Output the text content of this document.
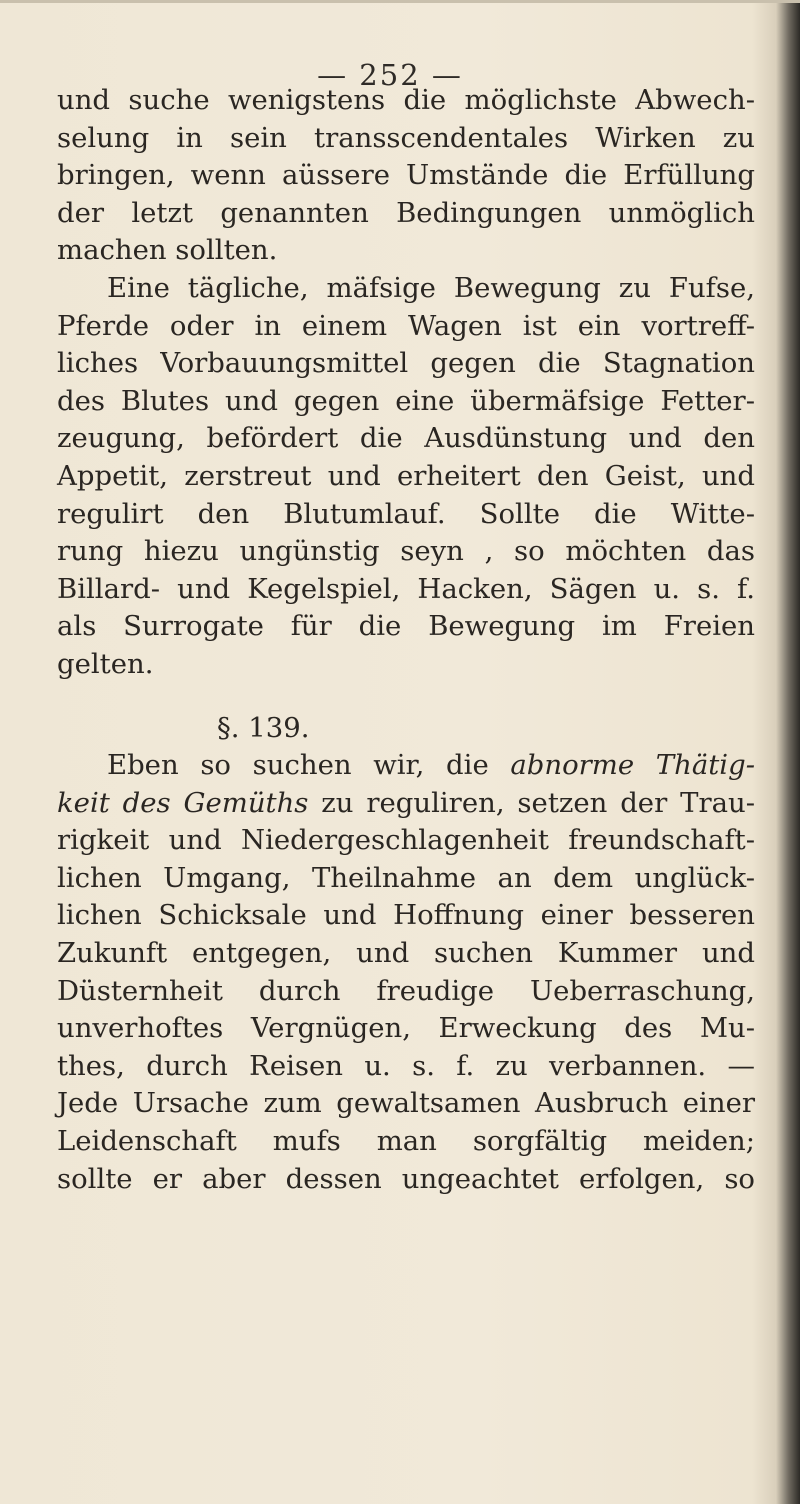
— 252 —
und suche wenigstens die möglichste Abwech-
selung in sein transscendentales Wirken zu
bringen, wenn aüssere Umstände die Erfüllung
der letzt genannten Bedingungen unmöglich
machen sollten.
Eine tägliche, mäfsige Bewegung zu Fufse,
Pferde oder in einem Wagen ist ein vortreff-
liches Vorbauungsmittel gegen die Stagnation
des Blutes und gegen eine übermäfsige Fetter-
zeugung, befördert die Ausdünstung und den
Appetit, zerstreut und erheitert den Geist, und
regulirt den Blutumlauf. Sollte die Witte-
rung hiezu ungünstig seyn , so möchten das
Billard- und Kegelspiel, Hacken, Sägen u. s. f.
als Surrogate für die Bewegung im Freien
gelten.
§. 139.
Eben so suchen wir, die abnorme Thätig-
keit des Gemüths zu reguliren, setzen der Trau-
rigkeit und Niedergeschlagenheit freundschaft-
lichen Umgang, Theilnahme an dem unglück-
lichen Schicksale und Hoffnung einer besseren
Zukunft entgegen, und suchen Kummer und
Düsternheit durch freudige Ueberraschung,
unverhoftes Vergnügen, Erweckung des Mu-
thes, durch Reisen u. s. f. zu verbannen. —
Jede Ursache zum gewaltsamen Ausbruch einer
Leidenschaft mufs man sorgfältig meiden;
sollte er aber dessen ungeachtet erfolgen, so
